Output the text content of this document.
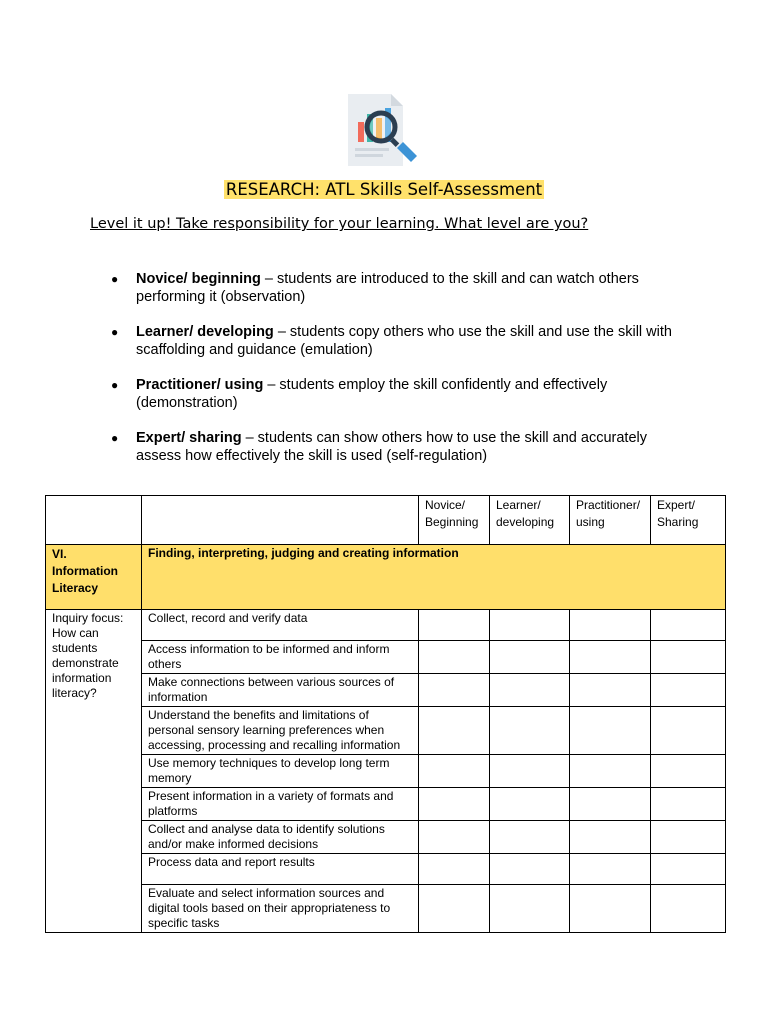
RESEARCH: ATL Skills Self-Assessment
Level it up! Take responsibility for your learning. What level are you?
● Novice/ beginning – students are introduced to the skill and can watch others performing it (observation)
● Learner/ developing – students copy others who use the skill and use the skill with scaffolding and guidance (emulation)
● Practitioner/ using – students employ the skill confidently and effectively (demonstration)
● Expert/ sharing – students can show others how to use the skill and accurately assess how effectively the skill is used (self-regulation)
		Novice/ Beginning	Learner/ developing	Practitioner/ using	Expert/ Sharing
VI. Information Literacy	Finding, interpreting, judging and creating information				
Inquiry focus: How can students demonstrate information literacy?	Collect, record and verify data				
	Access information to be informed and inform others				
	Make connections between various sources of information				
	Understand the benefits and limitations of personal sensory learning preferences when accessing, processing and recalling information				
	Use memory techniques to develop long term memory				
	Present information in a variety of formats and platforms				
	Collect and analyse data to identify solutions and/or make informed decisions				
	Process data and report results				
	Evaluate and select information sources and digital tools based on their appropriateness to specific tasks				
